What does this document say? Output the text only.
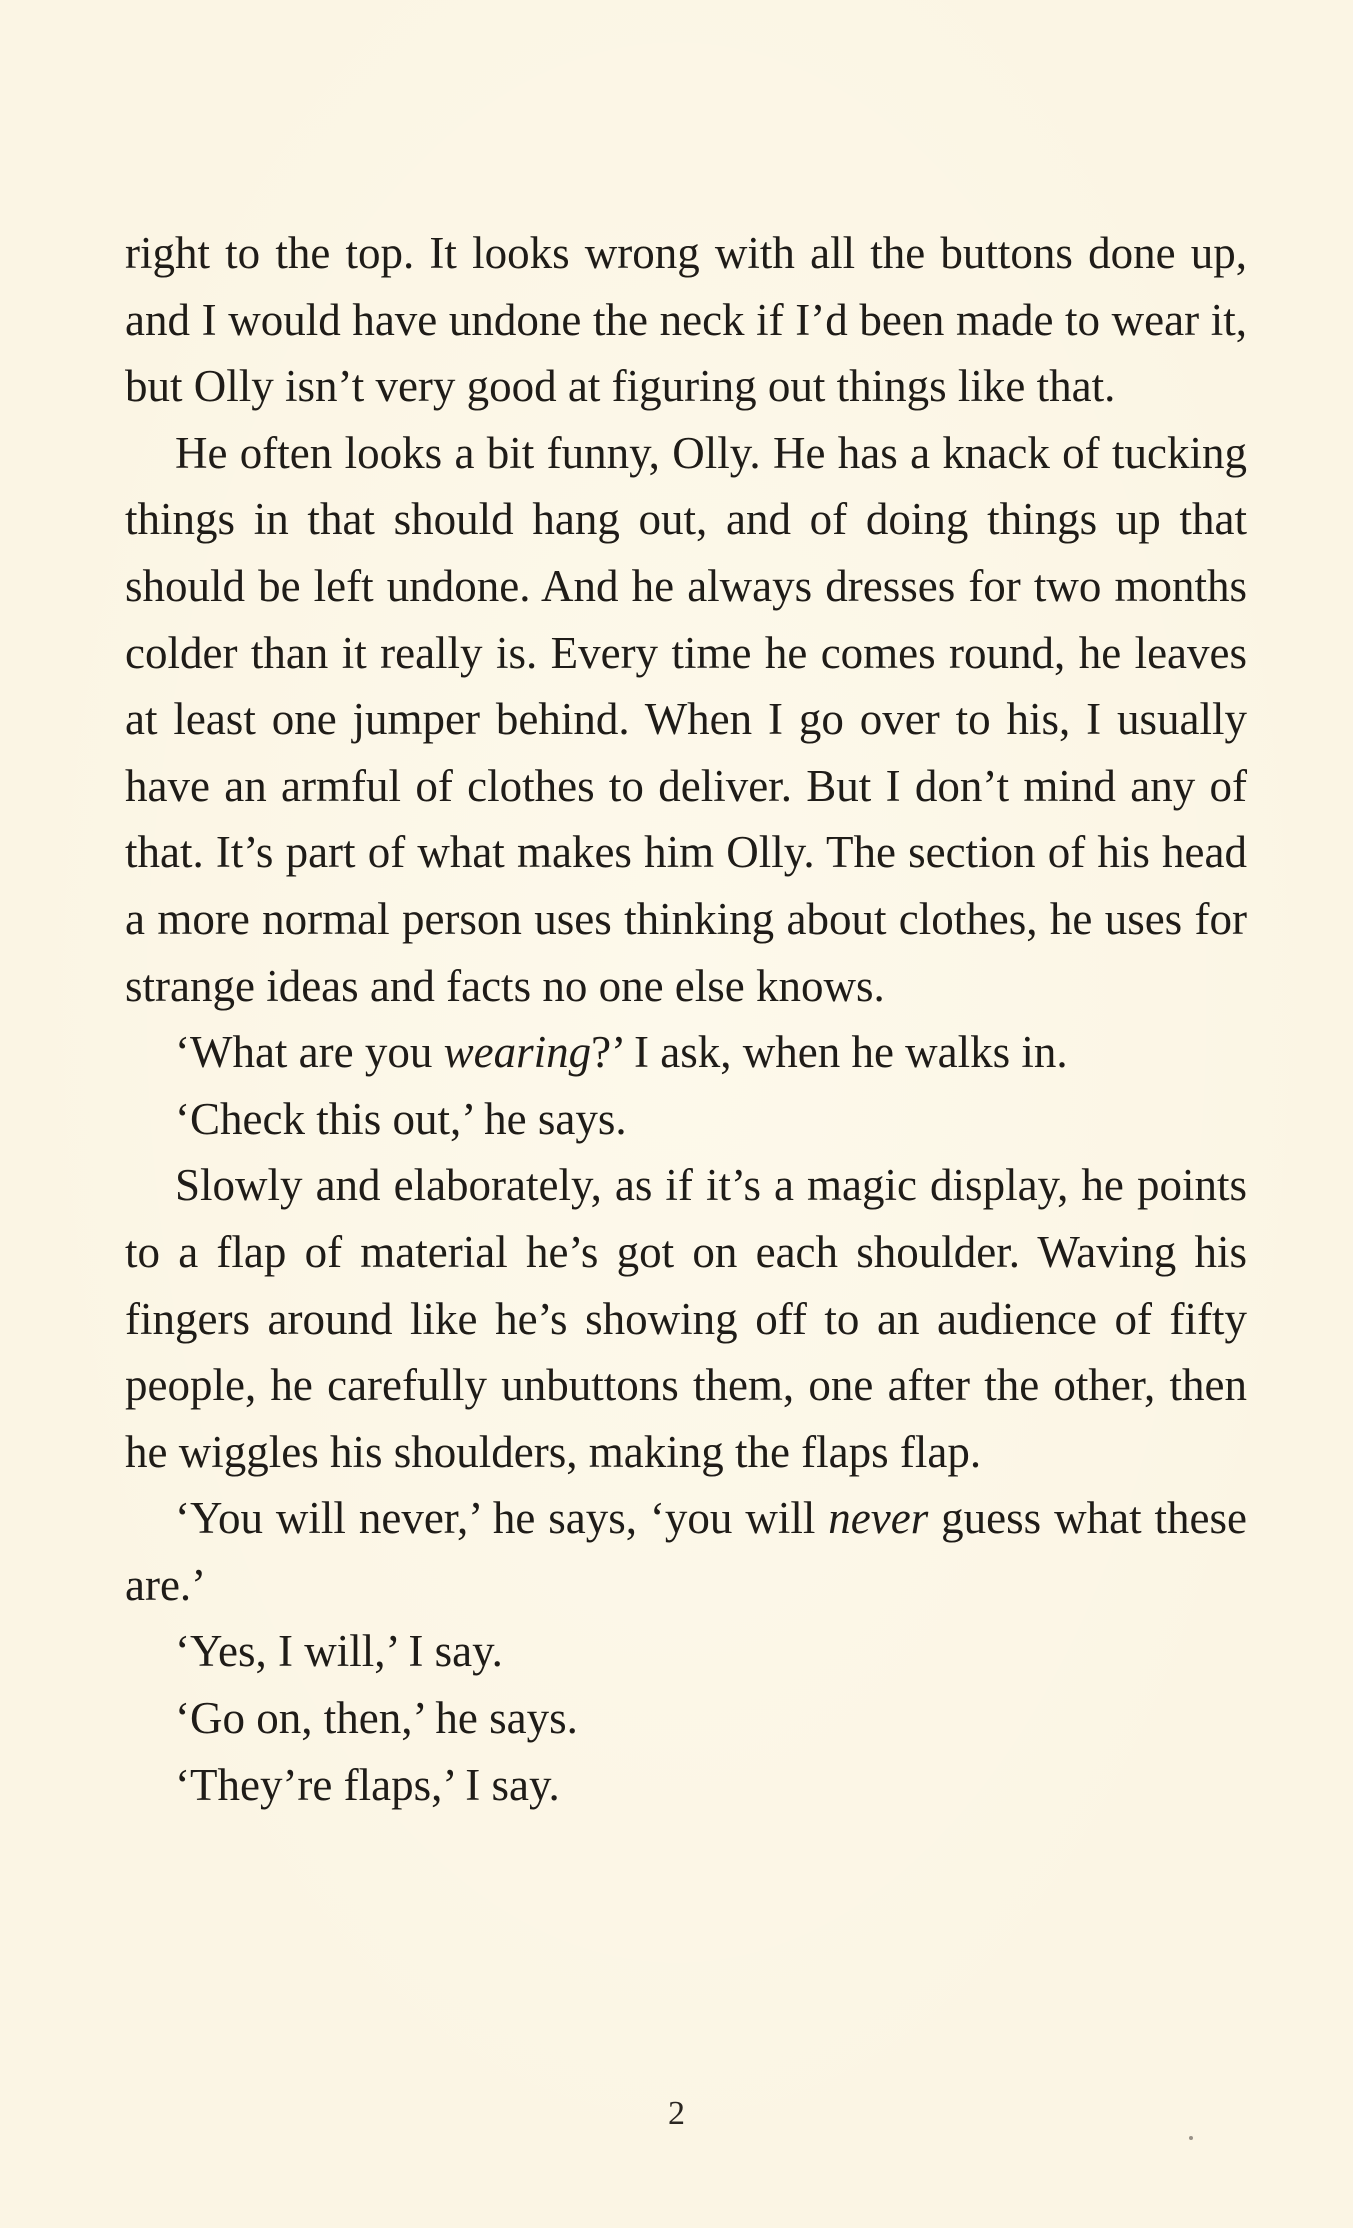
right to the top. It looks wrong with all the buttons done up, and I would have undone the neck if I’d been made to wear it, but Olly isn’t very good at figuring out things like that.

He often looks a bit funny, Olly. He has a knack of tucking things in that should hang out, and of doing things up that should be left undone. And he always dresses for two months colder than it really is. Every time he comes round, he leaves at least one jumper behind. When I go over to his, I usually have an armful of clothes to deliver. But I don’t mind any of that. It’s part of what makes him Olly. The section of his head a more normal person uses thinking about clothes, he uses for strange ideas and facts no one else knows.

‘What are you wearing?’ I ask, when he walks in.

‘Check this out,’ he says.

Slowly and elaborately, as if it’s a magic display, he points to a flap of material he’s got on each shoulder. Waving his fingers around like he’s showing off to an audience of fifty people, he carefully unbuttons them, one after the other, then he wiggles his shoulders, making the flaps flap.

‘You will never,’ he says, ‘you will never guess what these are.’

‘Yes, I will,’ I say.

‘Go on, then,’ he says.

‘They’re flaps,’ I say.

2
